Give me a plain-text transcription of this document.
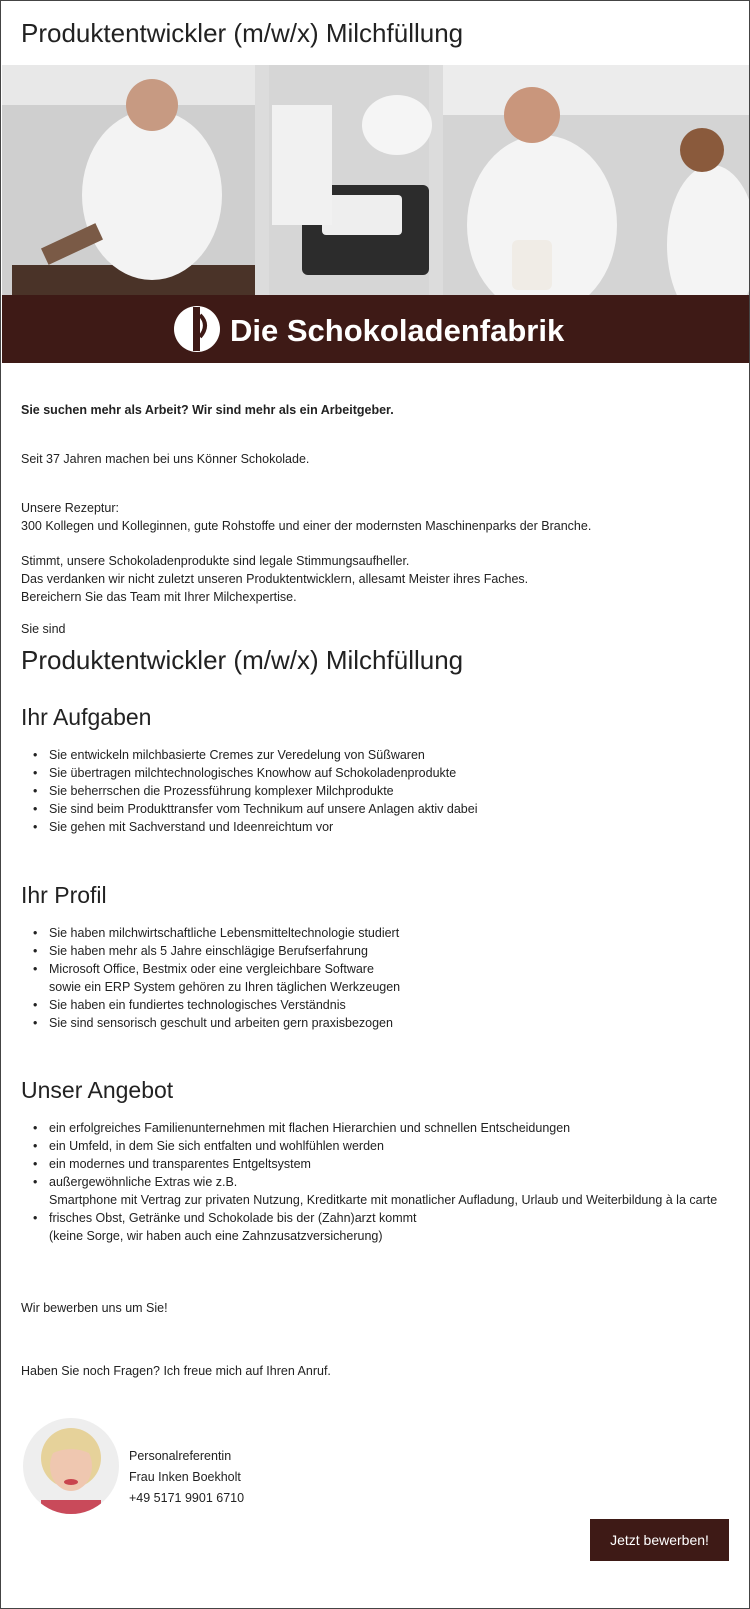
Produktentwickler (m/w/x) Milchfüllung
Die Schokoladenfabrik

Sie suchen mehr als Arbeit? Wir sind mehr als ein Arbeitgeber.

Seit 37 Jahren machen bei uns Könner Schokolade.

Unsere Rezeptur:

300 Kollegen und Kolleginnen, gute Rohstoffe und einer der modernsten Maschinenparks der Branche.

Stimmt, unsere Schokoladenprodukte sind legale Stimmungsaufheller.

Das verdanken wir nicht zuletzt unseren Produktentwicklern, allesamt Meister ihres Faches.

Bereichern Sie das Team mit Ihrer Milchexpertise.

Sie sind

Produktentwickler (m/w/x) Milchfüllung
Ihr Aufgaben
• Sie entwickeln milchbasierte Cremes zur Veredelung von Süßwaren
• Sie übertragen milchtechnologisches Knowhow auf Schokoladenprodukte
• Sie beherrschen die Prozessführung komplexer Milchprodukte
• Sie sind beim Produkttransfer vom Technikum auf unsere Anlagen aktiv dabei
• Sie gehen mit Sachverstand und Ideenreichtum vor
Ihr Profil
• Sie haben milchwirtschaftliche Lebensmitteltechnologie studiert
• Sie haben mehr als 5 Jahre einschlägige Berufserfahrung
• Microsoft Office, Bestmix oder eine vergleichbare Software
sowie ein ERP System gehören zu Ihren täglichen Werkzeugen
• Sie haben ein fundiertes technologisches Verständnis
• Sie sind sensorisch geschult und arbeiten gern praxisbezogen
Unser Angebot
• ein erfolgreiches Familienunternehmen mit flachen Hierarchien und schnellen Entscheidungen
• ein Umfeld, in dem Sie sich entfalten und wohlfühlen werden
• ein modernes und transparentes Entgeltsystem
• außergewöhnliche Extras wie z.B.
Smartphone mit Vertrag zur privaten Nutzung, Kreditkarte mit monatlicher Aufladung, Urlaub und Weiterbildung à la carte
• frisches Obst, Getränke und Schokolade bis der (Zahn)arzt kommt
(keine Sorge, wir haben auch eine Zahnzusatzversicherung)

Wir bewerben uns um Sie!

Haben Sie noch Fragen? Ich freue mich auf Ihren Anruf.

Personalreferentin
Frau Inken Boekholt
+49 5171 9901 6710
Jetzt bewerben!
